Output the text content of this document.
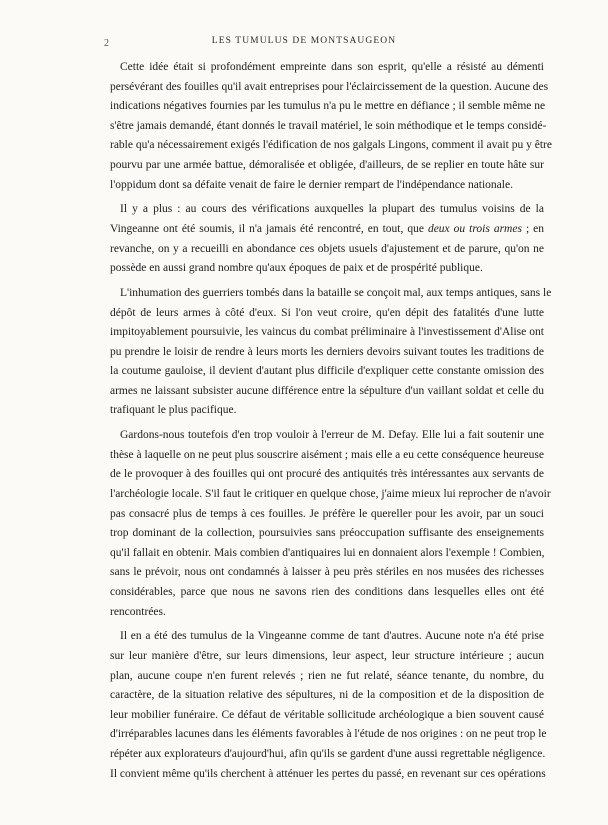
2	LES TUMULUS DE MONTSAUGEON
Cette idée était si profondément empreinte dans son esprit, qu'elle a résisté au démenti
persévérant des fouilles qu'il avait entreprises pour l'éclaircissement de la question. Aucune des
indications négatives fournies par les tumulus n'a pu le mettre en défiance ; il semble même ne
s'être jamais demandé, étant donnés le travail matériel, le soin méthodique et le temps considé-
rable qu'a nécessairement exigés l'édification de nos galgals Lingons, comment il avait pu y être
pourvu par une armée battue, démoralisée et obligée, d'ailleurs, de se replier en toute hâte sur
l'oppidum dont sa défaite venait de faire le dernier rempart de l'indépendance nationale.
Il y a plus : au cours des vérifications auxquelles la plupart des tumulus voisins de la
Vingeanne ont été soumis, il n'a jamais été rencontré, en tout, que deux ou trois armes ; en
revanche, on y a recueilli en abondance ces objets usuels d'ajustement et de parure, qu'on ne
possède en aussi grand nombre qu'aux époques de paix et de prospérité publique.
L'inhumation des guerriers tombés dans la bataille se conçoit mal, aux temps antiques, sans le
dépôt de leurs armes à côté d'eux. Si l'on veut croire, qu'en dépit des fatalités d'une lutte
impitoyablement poursuivie, les vaincus du combat préliminaire à l'investissement d'Alise ont
pu prendre le loisir de rendre à leurs morts les derniers devoirs suivant toutes les traditions de
la coutume gauloise, il devient d'autant plus difficile d'expliquer cette constante omission des
armes ne laissant subsister aucune différence entre la sépulture d'un vaillant soldat et celle du
trafiquant le plus pacifique.
Gardons-nous toutefois d'en trop vouloir à l'erreur de M. Defay. Elle lui a fait soutenir une
thèse à laquelle on ne peut plus souscrire aisément ; mais elle a eu cette conséquence heureuse
de le provoquer à des fouilles qui ont procuré des antiquités très intéressantes aux servants de
l'archéologie locale. S'il faut le critiquer en quelque chose, j'aime mieux lui reprocher de n'avoir
pas consacré plus de temps à ces fouilles. Je préfère le quereller pour les avoir, par un souci
trop dominant de la collection, poursuivies sans préoccupation suffisante des enseignements
qu'il fallait en obtenir. Mais combien d'antiquaires lui en donnaient alors l'exemple ! Combien,
sans le prévoir, nous ont condamnés à laisser à peu près stériles en nos musées des richesses
considérables, parce que nous ne savons rien des conditions dans lesquelles elles ont été
rencontrées.
Il en a été des tumulus de la Vingeanne comme de tant d'autres. Aucune note n'a été prise
sur leur manière d'être, sur leurs dimensions, leur aspect, leur structure intérieure ; aucun
plan, aucune coupe n'en furent relevés ; rien ne fut relaté, séance tenante, du nombre, du
caractère, de la situation relative des sépultures, ni de la composition et de la disposition de
leur mobilier funéraire. Ce défaut de véritable sollicitude archéologique a bien souvent causé
d'irréparables lacunes dans les éléments favorables à l'étude de nos origines : on ne peut trop le
répéter aux explorateurs d'aujourd'hui, afin qu'ils se gardent d'une aussi regrettable négligence.
Il convient même qu'ils cherchent à atténuer les pertes du passé, en revenant sur ces opérations
